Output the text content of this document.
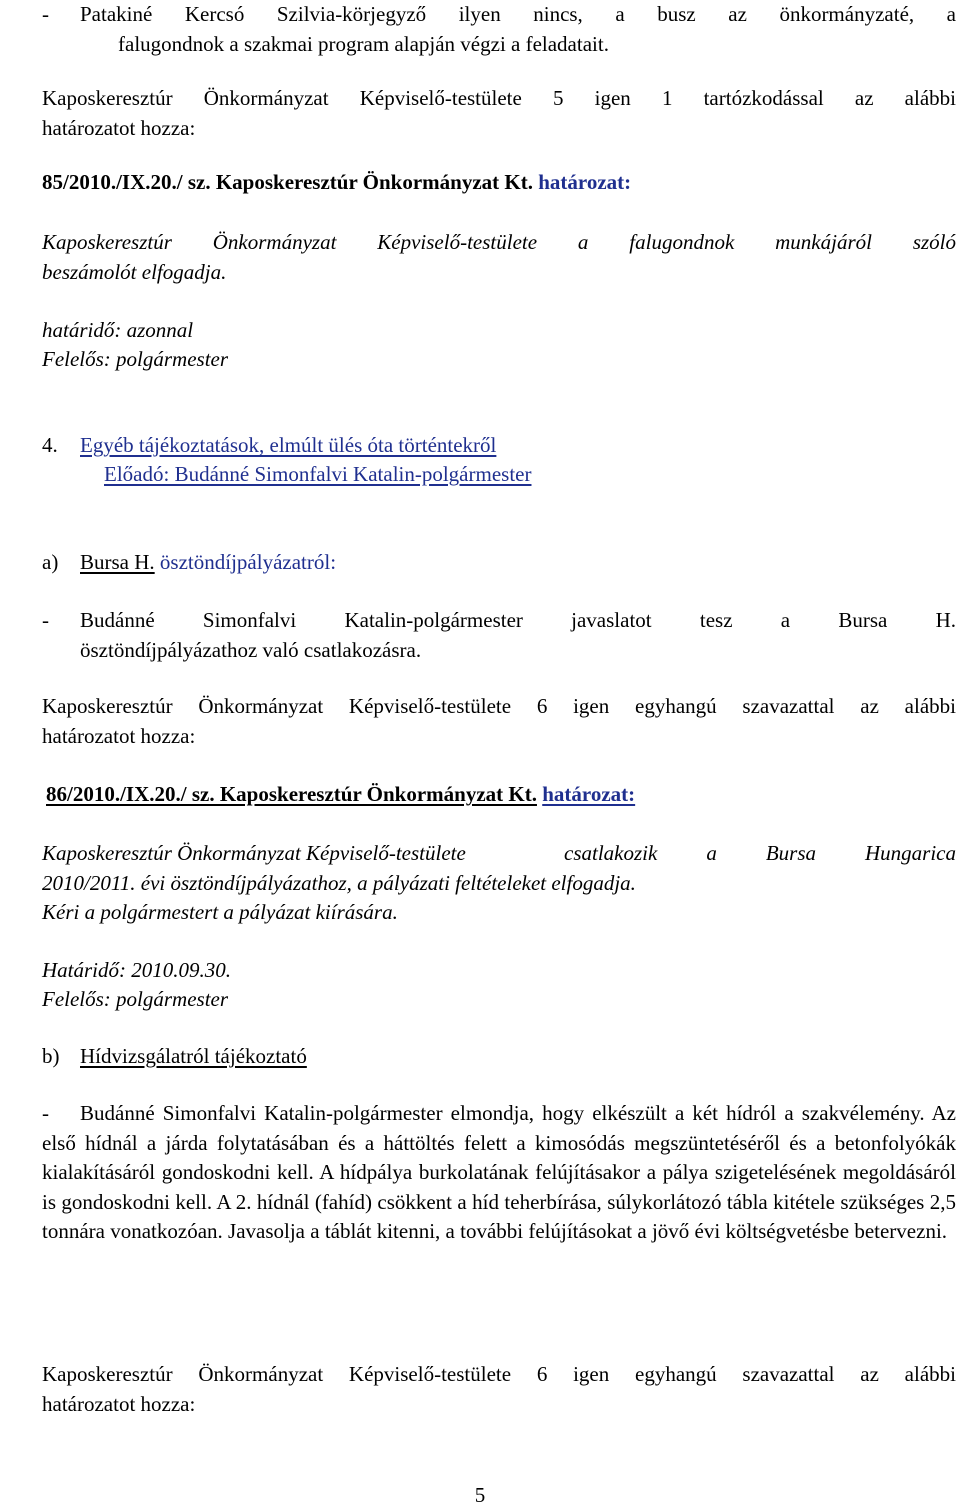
- Patakiné Kercsó Szilvia-körjegyző ilyen nincs, a busz az önkormányzaté, a
falugondnok a szakmai program alapján végzi a feladatait.
Kaposkeresztúr Önkormányzat Képviselő-testülete 5 igen 1 tartózkodással az alábbi
határozatot hozza:
85/2010./IX.20./ sz. Kaposkeresztúr Önkormányzat Kt. határozat:
Kaposkeresztúr Önkormányzat Képviselő-testülete a falugondnok munkájáról szóló
beszámolót elfogadja.
határidő: azonnal
Felelős: polgármester
4. Egyéb tájékoztatások, elmúlt ülés óta történtekről
Előadó: Budánné Simonfalvi Katalin-polgármester
a) Bursa H. ösztöndíjpályázatról:
-	Budánné Simonfalvi Katalin-polgármester javaslatot tesz a Bursa H.
ösztöndíjpályázathoz való csatlakozásra.
Kaposkeresztúr Önkormányzat Képviselő-testülete 6 igen egyhangú szavazattal az alábbi
határozatot hozza:
86/2010./IX.20./ sz. Kaposkeresztúr Önkormányzat Kt. határozat:
Kaposkeresztúr Önkormányzat Képviselő-testülete	csatlakozik a Bursa Hungarica
2010/2011. évi ösztöndíjpályázathoz, a pályázati feltételeket elfogadja.
Kéri a polgármestert a pályázat kiírására.
Határidő: 2010.09.30.
Felelős: polgármester
b) Hídvizsgálatról tájékoztató
-	Budánné Simonfalvi Katalin-polgármester elmondja, hogy elkészült a két hídról a szakvélemény. Az első hídnál a járda folytatásában és a háttöltés felett a kimosódás megszüntetéséről és a betonfolyókák kialakításáról gondoskodni kell. A hídpálya burkolatának felújításakor a pálya szigetelésének megoldásáról is gondoskodni kell. A 2. hídnál (fahíd) csökkent a híd teherbírása, súlykorlátozó tábla kitétele szükséges 2,5 tonnára vonatkozóan. Javasolja a táblát kitenni, a további felújításokat a jövő évi költségvetésbe betervezni.
Kaposkeresztúr Önkormányzat Képviselő-testülete 6 igen egyhangú szavazattal az alábbi
határozatot hozza:
5
